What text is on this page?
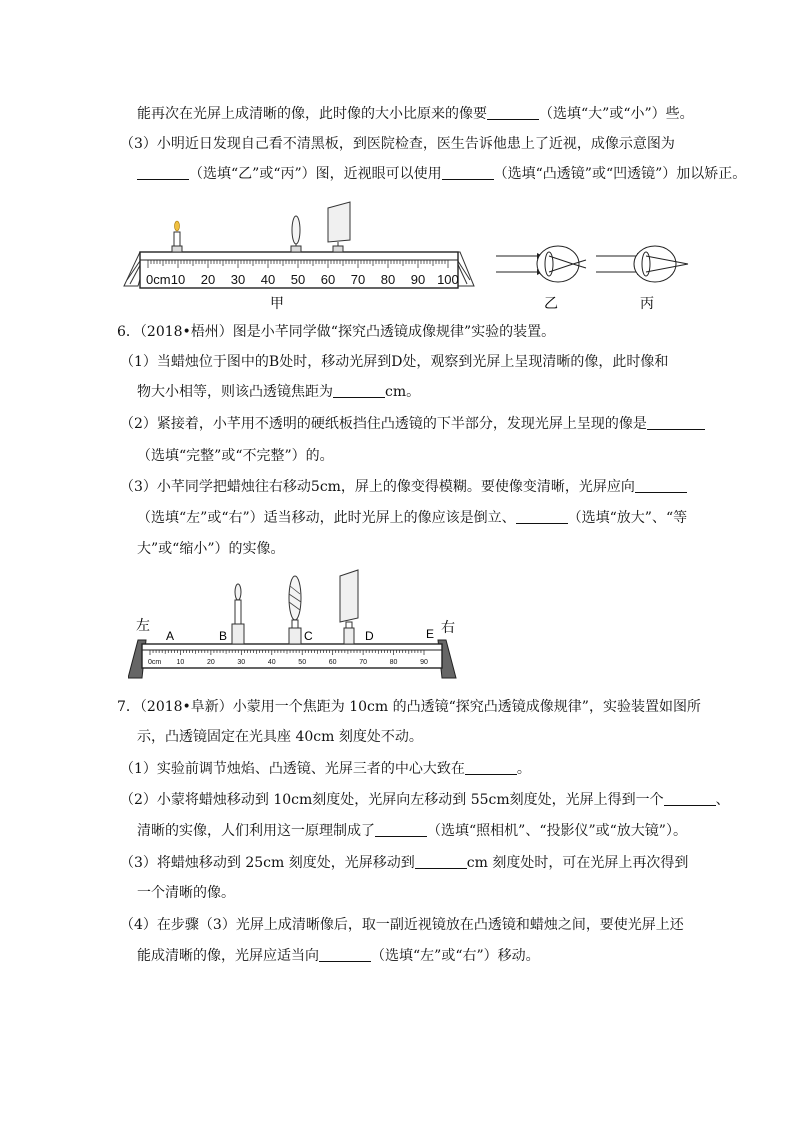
能再次在光屏上成清晰的像，此时像的大小比原来的像要	（选填“大”或“小”）些。
（3）小明近日发现自己看不清黑板，到医院检查，医生告诉他患上了近视，成像示意图为
（选填“乙”或“丙”）图，近视眼可以使用	（选填“凸透镜”或“凹透镜”）加以矫正。
0cm 10 20 30 40 50 60 70 80 90 100
甲	乙	丙
6．（2018•梧州）图是小芊同学做“探究凸透镜成像规律”实验的装置。
（1）当蜡烛位于图中的B处时，移动光屏到D处，观察到光屏上呈现清晰的像，此时像和
物大小相等，则该凸透镜焦距为	cm。
（2）紧接着，小芊用不透明的硬纸板挡住凸透镜的下半部分，发现光屏上呈现的像是
（选填“完整”或“不完整”）的。
（3）小芊同学把蜡烛往右移动5cm，屏上的像变得模糊。要使像变清晰，光屏应向
（选填“左”或“右”）适当移动，此时光屏上的像应该是倒立、	（选填“放大”、“等
大”或“缩小”）的实像。
左	右
0cm 10	20	30	40	50	60	70	80	90
A	B	C	D	E
7．（2018•阜新）小蒙用一个焦距为 10cm 的凸透镜“探究凸透镜成像规律”，实验装置如图所
示，凸透镜固定在光具座 40cm 刻度处不动。
（1）实验前调节烛焰、凸透镜、光屏三者的中心大致在	。
（2）小蒙将蜡烛移动到 10cm刻度处，光屏向左移动到 55cm刻度处，光屏上得到一个	、
清晰的实像，人们利用这一原理制成了	（选填“照相机”、“投影仪”或“放大镜”）。
（3）将蜡烛移动到 25cm 刻度处，光屏移动到	cm 刻度处时，可在光屏上再次得到
一个清晰的像。
（4）在步骤（3）光屏上成清晰像后，取一副近视镜放在凸透镜和蜡烛之间，要使光屏上还
能成清晰的像，光屏应适当向	（选填“左”或“右”）移动。
